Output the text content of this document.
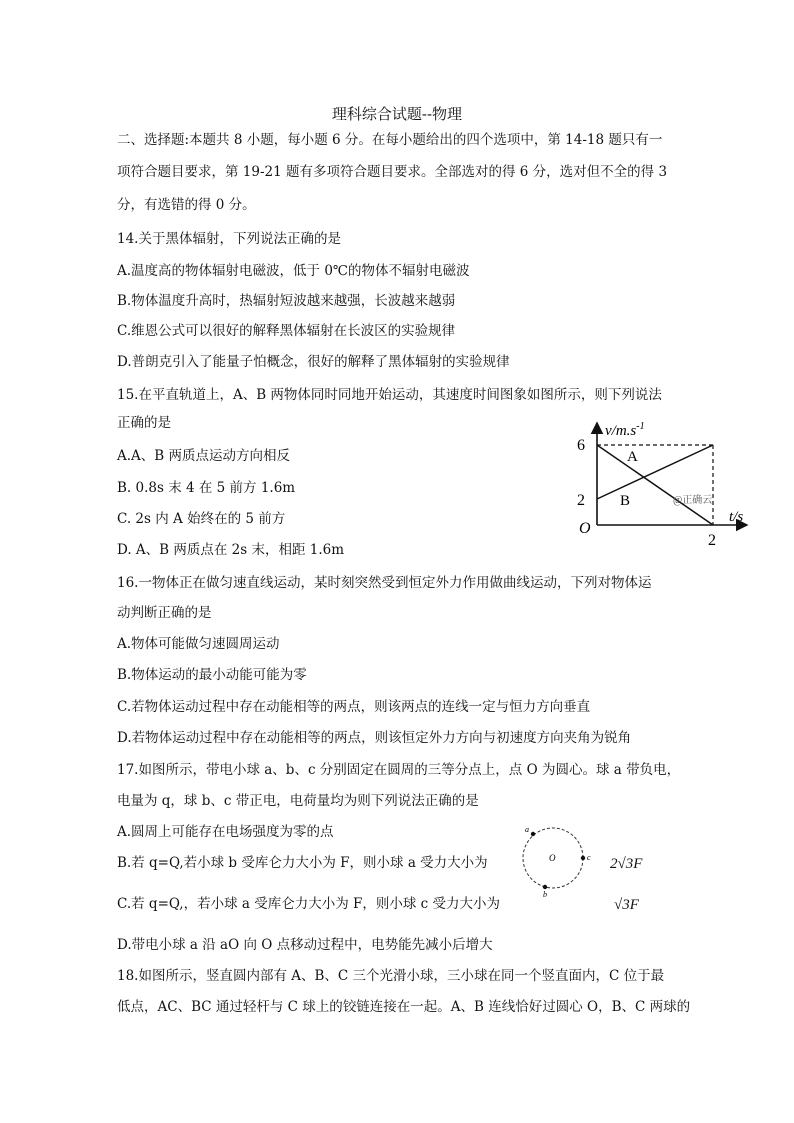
理科综合试题--物理
二、选择题:本题共 8 小题，每小题 6 分。在每小题给出的四个选项中，第 14-18 题只有一
项符合题目要求，第 19-21 题有多项符合题目要求。全部选对的得 6 分，选对但不全的得 3
分，有选错的得 0 分。
14.关于黑体辐射，下列说法正确的是
A.温度高的物体辐射电磁波，低于 0℃的物体不辐射电磁波
B.物体温度升高时，热辐射短波越来越强，长波越来越弱
C.维恩公式可以很好的解释黑体辐射在长波区的实验规律
D.普朗克引入了能量子怕概念，很好的解释了黑体辐射的实验规律
15.在平直轨道上，A、B 两物体同时同地开始运动，其速度时间图象如图所示，则下列说法
正确的是
A.A、B 两质点运动方向相反
B. 0.8s 末 4 在 5 前方 1.6m
C. 2s 内 A 始终在的 5 前方
D. A、B 两质点在 2s 末，相距 1.6m
$v/m.s^{-1}$
6
2
O
2
t/s
A
B	@正确云
16.一物体正在做匀速直线运动，某时刻突然受到恒定外力作用做曲线运动，下列对物体运
动判断正确的是
A.物体可能做匀速圆周运动
B.物体运动的最小动能可能为零
C.若物体运动过程中存在动能相等的两点，则该两点的连线一定与恒力方向垂直
D.若物体运动过程中存在动能相等的两点，则该恒定外力方向与初速度方向夹角为锐角
17.如图所示，带电小球 a、b、c 分别固定在圆周的三等分点上，点 O 为圆心。球 a 带负电，
电量为 q，球 b、c 带正电，电荷量均为则下列说法正确的是
A.圆周上可能存在电场强度为零的点
B.若 q=Q,若小球 b 受库仑力大小为 F，则小球 a 受力大小为
C.若 q=Q,，若小球 a 受库仑力大小为 F，则小球 c 受力大小为
D.带电小球 a 沿 aO 向 O 点移动过程中，电势能先减小后增大
a
b
c
O	2√3F
√3F
18.如图所示，竖直圆内部有 A、B、C 三个光滑小球，三小球在同一个竖直面内，C 位于最
低点，AC、BC 通过轻杆与 C 球上的铰链连接在一起。A、B 连线恰好过圆心 O，B、C 两球的
